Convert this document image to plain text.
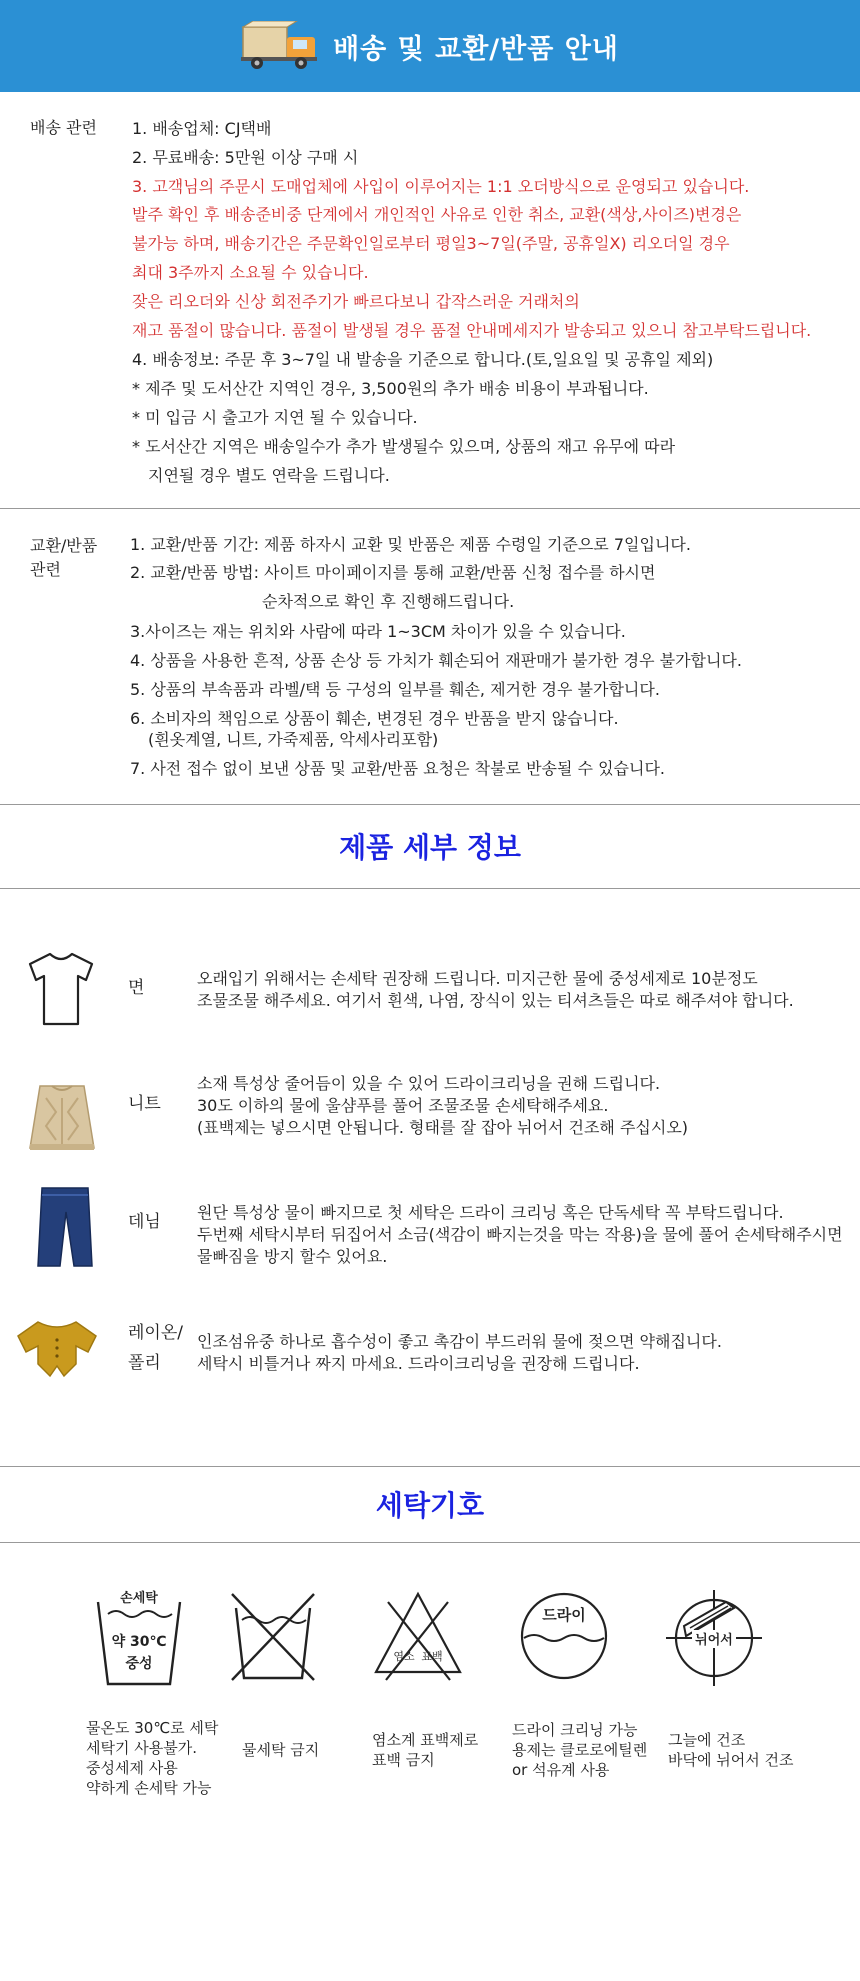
배송 및 교환/반품 안내
배송 관련 1. 배송업체: CJ택배
2. 무료배송: 5만원 이상 구매 시
3. 고객님의 주문시 도매업체에 사입이 이루어지는 1:1 오더방식으로 운영되고 있습니다.
발주 확인 후 배송준비중 단계에서 개인적인 사유로 인한 취소, 교환(색상,사이즈)변경은
불가능 하며, 배송기간은 주문확인일로부터 평일3~7일(주말, 공휴일X) 리오더일 경우
최대 3주까지 소요될 수 있습니다.
잦은 리오더와 신상 회전주기가 빠르다보니 갑작스러운 거래처의
재고 품절이 많습니다. 품절이 발생될 경우 품절 안내메세지가 발송되고 있으니 참고부탁드립니다.
4. 배송정보: 주문 후 3~7일 내 발송을 기준으로 합니다.(토,일요일 및 공휴일 제외)
* 제주 및 도서산간 지역인 경우, 3,500원의 추가 배송 비용이 부과됩니다.
* 미 입금 시 출고가 지연 될 수 있습니다.
* 도서산간 지역은 배송일수가 추가 발생될수 있으며, 상품의 재고 유무에 따라
지연될 경우 별도 연락을 드립니다.
교환/반품
관련
1. 교환/반품 기간: 제품 하자시 교환 및 반품은 제품 수령일 기준으로 7일입니다.
2. 교환/반품 방법: 사이트 마이페이지를 통해 교환/반품 신청 접수를 하시면
순차적으로 확인 후 진행해드립니다.
3.사이즈는 재는 위치와 사람에 따라 1~3CM 차이가 있을 수 있습니다.
4. 상품을 사용한 흔적, 상품 손상 등 가치가 훼손되어 재판매가 불가한 경우 불가합니다.
5. 상품의 부속품과 라벨/택 등 구성의 일부를 훼손, 제거한 경우 불가합니다.
6. 소비자의 책임으로 상품이 훼손, 변경된 경우 반품을 받지 않습니다.
(흰옷계열, 니트, 가죽제품, 악세사리포함)
7. 사전 접수 없이 보낸 상품 및 교환/반품 요청은 착불로 반송될 수 있습니다.
제품 세부 정보
면	오래입기 위해서는 손세탁 권장해 드립니다. 미지근한 물에 중성세제로 10분정도
조물조물 해주세요. 여기서 흰색, 나염, 장식이 있는 티셔츠들은 따로 해주셔야 합니다.
니트
소재 특성상 줄어듬이 있을 수 있어 드라이크리닝을 권해 드립니다.
30도 이하의 물에 울샴푸를 풀어 조물조물 손세탁해주세요.
(표백제는 넣으시면 안됩니다. 형태를 잘 잡아 뉘어서 건조해 주십시오)
데님 원단 특성상 물이 빠지므로 첫 세탁은 드라이 크리닝 혹은 단독세탁 꼭 부탁드립니다.
두번째 세탁시부터 뒤집어서 소금(색감이 빠지는것을 막는 작용)을 물에 풀어 손세탁해주시면
물빠짐을 방지 할수 있어요.
레이온/
폴리
인조섬유중 하나로 흡수성이 좋고 촉감이 부드러워 물에 젖으면 약해집니다.
세탁시 비틀거나 짜지 마세요. 드라이크리닝을 권장해 드립니다.
세탁기호
손세탁
약 30℃
중성	염소 표백
드라이
뉘어서
물온도 30℃로 세탁
세탁기 사용불가.
중성세제 사용
약하게 손세탁 가능
물세탁 금지
염소계 표백제로
표백 금지
드라이 크리닝 가능
용제는 클로로에틸렌
or 석유계 사용
그늘에 건조
바닥에 뉘어서 건조
